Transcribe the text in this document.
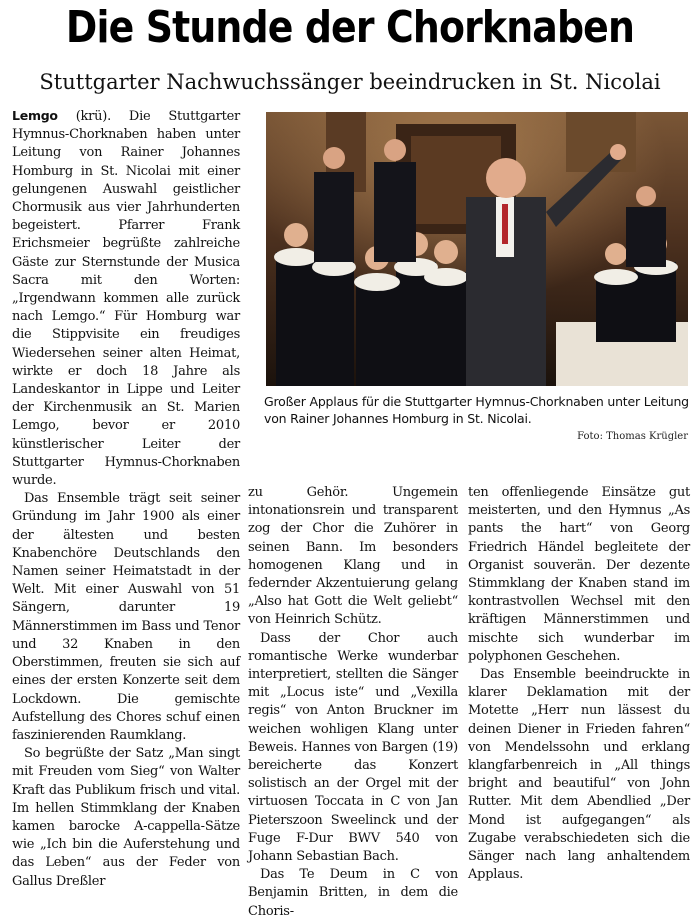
Die Stunde der Chorknaben
Stuttgarter Nachwuchssänger beeindrucken in St. Nicolai

Lemgo (krü). Die Stuttgarter Hymnus-Chorknaben haben unter Leitung von Rainer Johannes Homburg in St. Nicolai mit einer gelungenen Auswahl geistlicher Chormusik aus vier Jahrhunderten begeistert. Pfarrer Frank Erichsmeier begrüßte zahlreiche Gäste zur Sternstunde der Musica Sacra mit den Worten: „Irgendwann kommen alle zurück nach Lemgo.“ Für Homburg war die Stippvisite ein freudiges Wiedersehen seiner alten Heimat, wirkte er doch 18 Jahre als Landeskantor in Lippe und Leiter der Kirchenmusik an St. Marien Lemgo, bevor er 2010 künstlerischer Leiter der Stuttgarter Hymnus-Chorknaben wurde.

Das Ensemble trägt seit seiner Gründung im Jahr 1900 als einer der ältesten und besten Knabenchöre Deutschlands den Namen seiner Heimatstadt in der Welt. Mit einer Auswahl von 51 Sängern, darunter 19 Männerstimmen im Bass und Tenor und 32 Knaben in den Oberstimmen, freuten sie sich auf eines der ersten Konzerte seit dem Lockdown. Die gemischte Aufstellung des Chores schuf einen faszinierenden Raumklang.

So begrüßte der Satz „Man singt mit Freuden vom Sieg“ von Walter Kraft das Publikum frisch und vital. Im hellen Stimmklang der Knaben kamen barocke A-cappella-Sätze wie „Ich bin die Auferstehung und das Leben“ aus der Feder von Gallus Dreßler

Großer Applaus für die Stuttgarter Hymnus-Chorknaben unter Leitung von Rainer Johannes Homburg in St. Nicolai.
Foto: Thomas Krügler

zu Gehör. Ungemein intonationsrein und transparent zog der Chor die Zuhörer in seinen Bann. Im besonders homogenen Klang und in federnder Akzentuierung gelang „Also hat Gott die Welt geliebt“ von Heinrich Schütz.

Dass der Chor auch romantische Werke wunderbar interpretiert, stellten die Sänger mit „Locus iste“ und „Vexilla regis“ von Anton Bruckner im weichen wohligen Klang unter Beweis. Hannes von Bargen (19) bereicherte das Konzert solistisch an der Orgel mit der virtuosen Toccata in C von Jan Pieterszoon Sweelinck und der Fuge F-Dur BWV 540 von Johann Sebastian Bach.

Das Te Deum in C von Benjamin Britten, in dem die Choris-

ten offenliegende Einsätze gut meisterten, und den Hymnus „As pants the hart“ von Georg Friedrich Händel begleitete der Organist souverän. Der dezente Stimmklang der Knaben stand im kontrastvollen Wechsel mit den kräftigen Männerstimmen und mischte sich wunderbar im polyphonen Geschehen.

Das Ensemble beeindruckte in klarer Deklamation mit der Motette „Herr nun lässest du deinen Diener in Frieden fahren“ von Mendelssohn und erklang klangfarbenreich in „All things bright and beautiful“ von John Rutter. Mit dem Abendlied „Der Mond ist aufgegangen“ als Zugabe verabschiedeten sich die Sänger nach lang anhaltendem Applaus.
